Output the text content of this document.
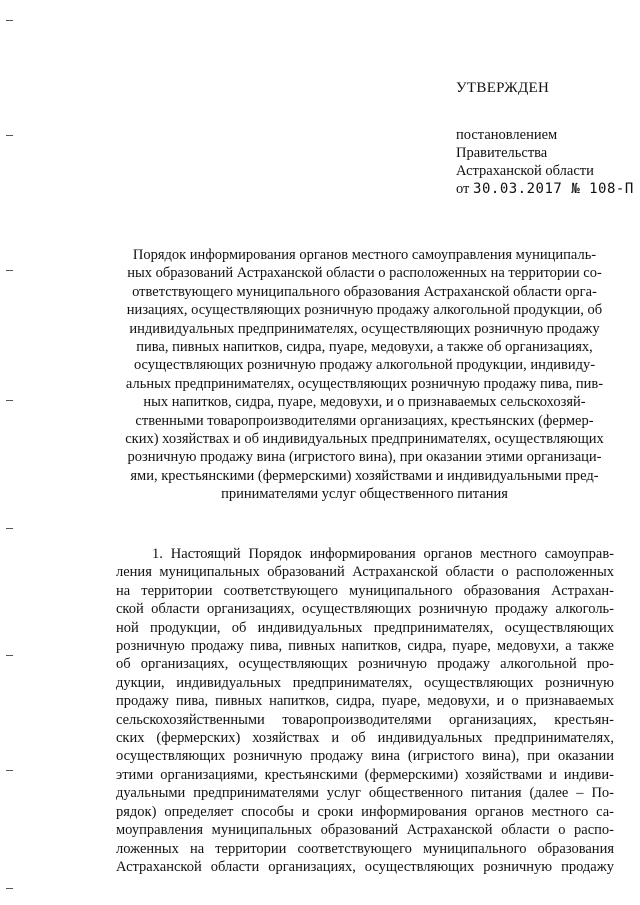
УТВЕРЖДЕН
постановлением
Правительства
Астраханской области
от 30.03.2017 № 108-П
Порядок информирования органов местного самоуправления муниципаль-
ных образований Астраханской области о расположенных на территории со-
ответствующего муниципального образования Астраханской области орга-
низациях, осуществляющих розничную продажу алкогольной продукции, об
индивидуальных предпринимателях, осуществляющих розничную продажу
пива, пивных напитков, сидра, пуаре, медовухи, а также об организациях,
осуществляющих розничную продажу алкогольной продукции, индивиду-
альных предпринимателях, осуществляющих розничную продажу пива, пив-
ных напитков, сидра, пуаре, медовухи, и о признаваемых сельскохозяй-
ственными товаропроизводителями организациях, крестьянских (фермер-
ских) хозяйствах и об индивидуальных предпринимателях, осуществляющих
розничную продажу вина (игристого вина), при оказании этими организаци-
ями, крестьянскими (фермерскими) хозяйствами и индивидуальными пред-
принимателями услуг общественного питания
1. Настоящий Порядок информирования органов местного самоуправ-
ления муниципальных образований Астраханской области о расположенных
на территории соответствующего муниципального образования Астрахан-
ской области организациях, осуществляющих розничную продажу алкоголь-
ной продукции, об индивидуальных предпринимателях, осуществляющих
розничную продажу пива, пивных напитков, сидра, пуаре, медовухи, а также
об организациях, осуществляющих розничную продажу алкогольной про-
дукции, индивидуальных предпринимателях, осуществляющих розничную
продажу пива, пивных напитков, сидра, пуаре, медовухи, и о признаваемых
сельскохозяйственными товаропроизводителями организациях, крестьян-
ских (фермерских) хозяйствах и об индивидуальных предпринимателях,
осуществляющих розничную продажу вина (игристого вина), при оказании
этими организациями, крестьянскими (фермерскими) хозяйствами и индиви-
дуальными предпринимателями услуг общественного питания (далее – По-
рядок) определяет способы и сроки информирования органов местного са-
моуправления муниципальных образований Астраханской области о распо-
ложенных на территории соответствующего муниципального образования
Астраханской области организациях, осуществляющих розничную продажу
